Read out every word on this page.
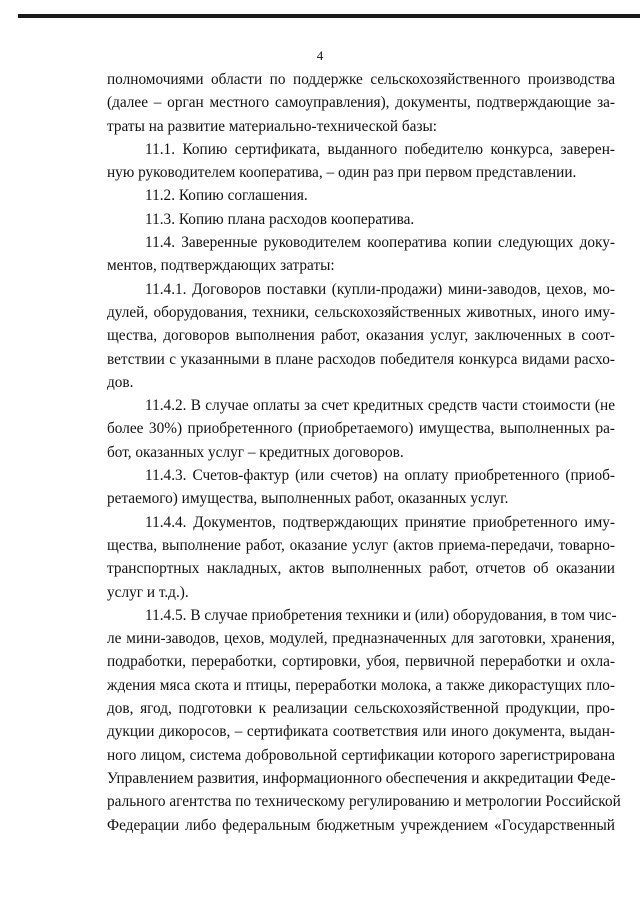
4
полномочиями области по поддержке сельскохозяйственного производства
(далее – орган местного самоуправления), документы, подтверждающие за-
траты на развитие материально-технической базы:
11.1. Копию сертификата, выданного победителю конкурса, заверен-
ную руководителем кооператива, – один раз при первом представлении.
11.2. Копию соглашения.
11.3. Копию плана расходов кооператива.
11.4. Заверенные руководителем кооператива копии следующих доку-
ментов, подтверждающих затраты:
11.4.1. Договоров поставки (купли-продажи) мини-заводов, цехов, мо-
дулей, оборудования, техники, сельскохозяйственных животных, иного иму-
щества, договоров выполнения работ, оказания услуг, заключенных в соот-
ветствии с указанными в плане расходов победителя конкурса видами расхо-
дов.
11.4.2. В случае оплаты за счет кредитных средств части стоимости (не
более 30%) приобретенного (приобретаемого) имущества, выполненных ра-
бот, оказанных услуг – кредитных договоров.
11.4.3. Счетов-фактур (или счетов) на оплату приобретенного (приоб-
ретаемого) имущества, выполненных работ, оказанных услуг.
11.4.4. Документов, подтверждающих принятие приобретенного иму-
щества, выполнение работ, оказание услуг (актов приема-передачи, товарно-
транспортных накладных, актов выполненных работ, отчетов об оказании
услуг и т.д.).
11.4.5. В случае приобретения техники и (или) оборудования, в том чис-
ле мини-заводов, цехов, модулей, предназначенных для заготовки, хранения,
подработки, переработки, сортировки, убоя, первичной переработки и охла-
ждения мяса скота и птицы, переработки молока, а также дикорастущих пло-
дов, ягод, подготовки к реализации сельскохозяйственной продукции, про-
дукции дикоросов, – сертификата соответствия или иного документа, выдан-
ного лицом, система добровольной сертификации которого зарегистрирована
Управлением развития, информационного обеспечения и аккредитации Феде-
рального агентства по техническому регулированию и метрологии Российской
Федерации либо федеральным бюджетным учреждением «Государственный
